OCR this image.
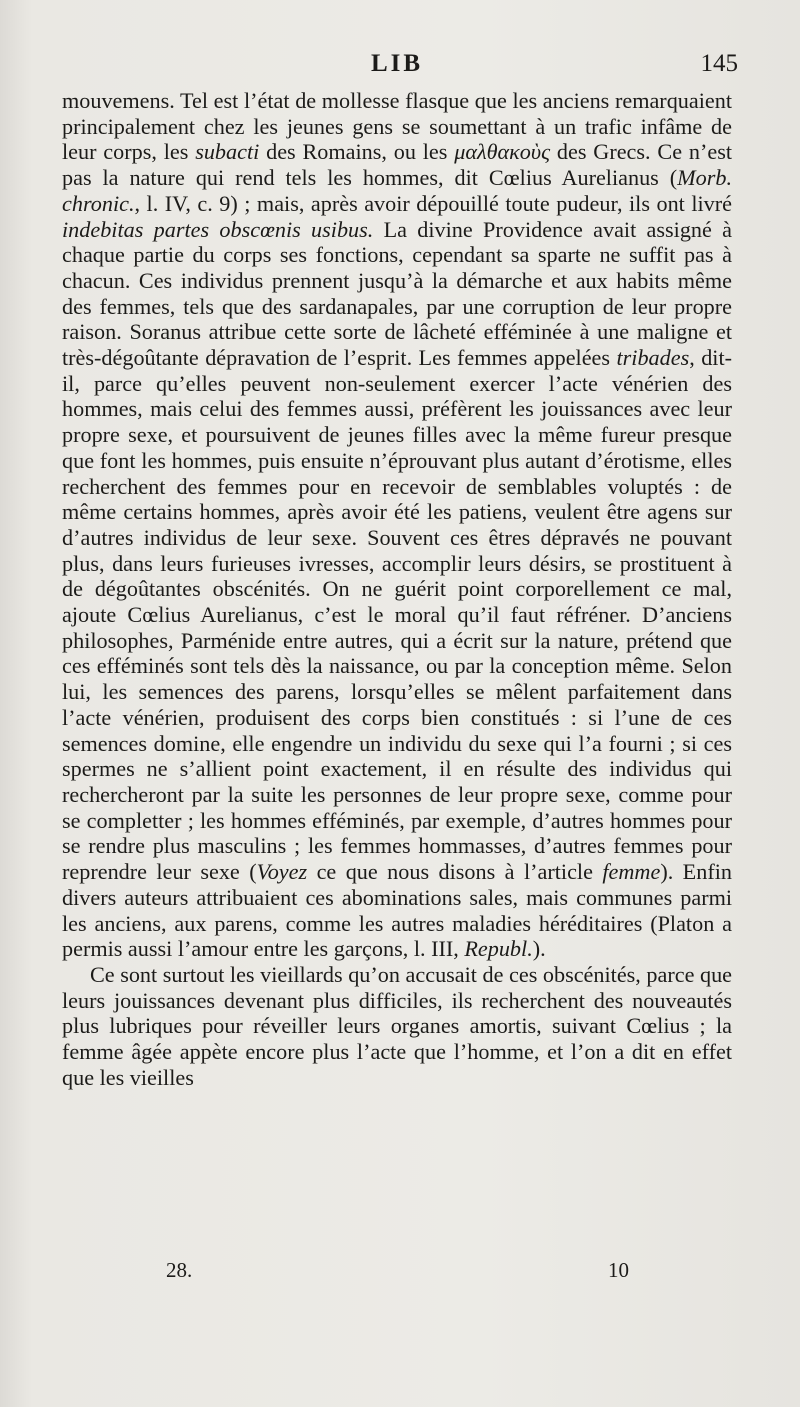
LIB	145

mouvemens. Tel est l’état de mollesse flasque que les anciens remarquaient principalement chez les jeunes gens se soumettant à un trafic infâme de leur corps, les subacti des Romains, ou les μαλθακοὺς des Grecs. Ce n’est pas la nature qui rend tels les hommes, dit Cœlius Aurelianus (Morb. chronic., l. IV, c. 9) ; mais, après avoir dépouillé toute pudeur, ils ont livré indebitas partes obscœnis usibus. La divine Providence avait assigné à chaque partie du corps ses fonctions, cependant sa sparte ne suffit pas à chacun. Ces individus prennent jusqu’à la démarche et aux habits même des femmes, tels que des sardanapales, par une corruption de leur propre raison. Soranus attribue cette sorte de lâcheté efféminée à une maligne et très-dégoûtante dépravation de l’esprit. Les femmes appelées tribades, dit-il, parce qu’elles peuvent non-seulement exercer l’acte vénérien des hommes, mais celui des femmes aussi, préfèrent les jouissances avec leur propre sexe, et poursuivent de jeunes filles avec la même fureur presque que font les hommes, puis ensuite n’éprouvant plus autant d’érotisme, elles recherchent des femmes pour en recevoir de semblables voluptés : de même certains hommes, après avoir été les patiens, veulent être agens sur d’autres individus de leur sexe. Souvent ces êtres dépravés ne pouvant plus, dans leurs furieuses ivresses, accomplir leurs désirs, se prostituent à de dégoûtantes obscénités. On ne guérit point corporellement ce mal, ajoute Cœlius Aurelianus, c’est le moral qu’il faut réfréner. D’anciens philosophes, Parménide entre autres, qui a écrit sur la nature, prétend que ces efféminés sont tels dès la naissance, ou par la conception même. Selon lui, les semences des parens, lorsqu’elles se mêlent parfaitement dans l’acte vénérien, produisent des corps bien constitués : si l’une de ces semences domine, elle engendre un individu du sexe qui l’a fourni ; si ces spermes ne s’allient point exactement, il en résulte des individus qui rechercheront par la suite les personnes de leur propre sexe, comme pour se completter ; les hommes efféminés, par exemple, d’autres hommes pour se rendre plus masculins ; les femmes hommasses, d’autres femmes pour reprendre leur sexe (Voyez ce que nous disons à l’article femme). Enfin divers auteurs attribuaient ces abominations sales, mais communes parmi les anciens, aux parens, comme les autres maladies héréditaires (Platon a permis aussi l’amour entre les garçons, l. III, Republ.).

Ce sont surtout les vieillards qu’on accusait de ces obscénités, parce que leurs jouissances devenant plus difficiles, ils recherchent des nouveautés plus lubriques pour réveiller leurs organes amortis, suivant Cœlius ; la femme âgée appète encore plus l’acte que l’homme, et l’on a dit en effet que les vieilles

28.	10
